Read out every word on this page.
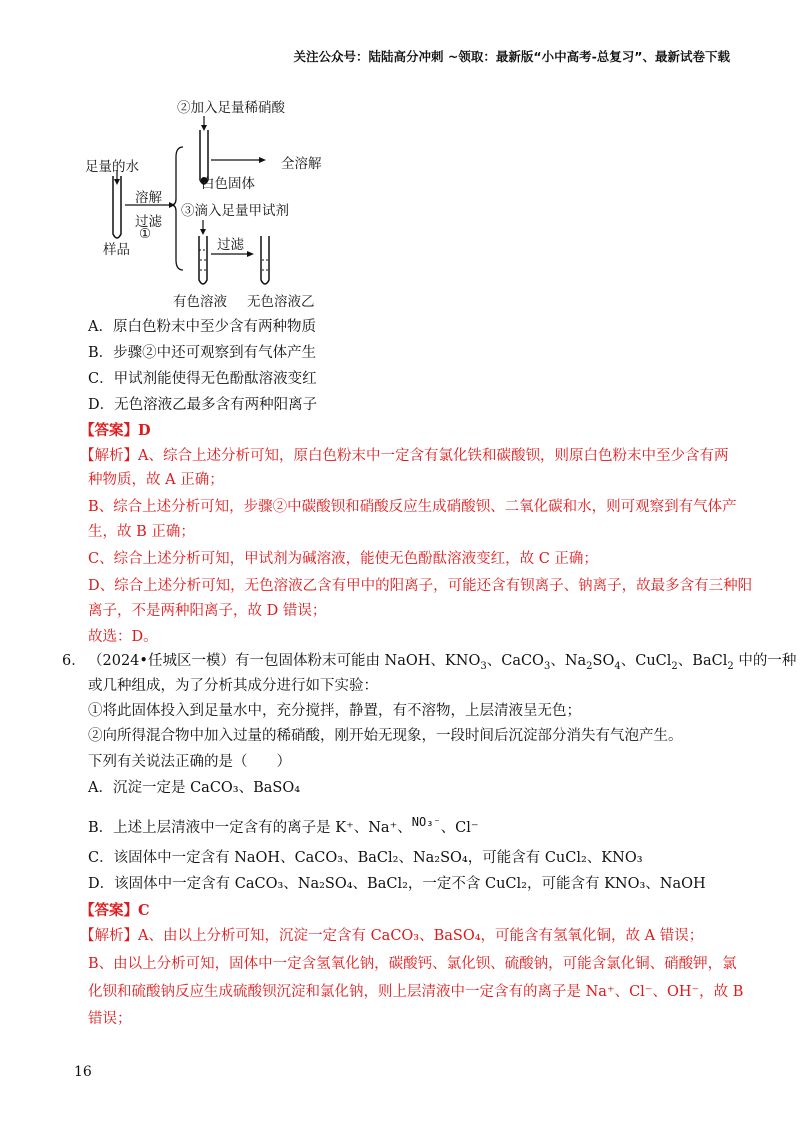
关注公众号：陆陆高分冲刺 ~领取：最新版“小中高考-总复习”、最新试卷下载
②加入足量稀硝酸
足量的水
溶解
过滤
①
样品
全溶解
白色固体
③滴入足量甲试剂
过滤
有色溶液 无色溶液乙
A．原白色粉末中至少含有两种物质
B．步骤②中还可观察到有气体产生
C．甲试剂能使得无色酚酞溶液变红
D．无色溶液乙最多含有两种阳离子
【答案】D
【解析】A、综合上述分析可知，原白色粉末中一定含有氯化铁和碳酸钡，则原白色粉末中至少含有两
种物质，故 A 正确；
B、综合上述分析可知，步骤②中碳酸钡和硝酸反应生成硝酸钡、二氧化碳和水，则可观察到有气体产
生，故 B 正确；
C、综合上述分析可知，甲试剂为碱溶液，能使无色酚酞溶液变红，故 C 正确；
D、综合上述分析可知，无色溶液乙含有甲中的阳离子，可能还含有钡离子、钠离子，故最多含有三种阳
离子，不是两种阳离子，故 D 错误；
故选：D。
6． （2024•任城区一模）有一包固体粉末可能由 NaOH、$KNO_3$、CaCO$_3$、$Na_2SO_4$、CuCl$_2$、BaCl$_2$ 中的一种
或几种组成，为了分析其成分进行如下实验：
①将此固体投入到足量水中，充分搅拌，静置，有不溶物，上层清液呈无色；
②向所得混合物中加入过量的稀硝酸，刚开始无现象，一段时间后沉淀部分消失有气泡产生。
下列有关说法正确的是（　　）
A．沉淀一定是 CaCO₃、BaSO₄
B．上述上层清液中一定含有的离子是 K⁺、Na⁺、$^{NO_3^-}$、Cl⁻
C．该固体中一定含有 NaOH、CaCO₃、BaCl₂、Na₂SO₄，可能含有 CuCl₂、KNO₃
D．该固体中一定含有 CaCO₃、Na₂SO₄、BaCl₂，一定不含 CuCl₂，可能含有 KNO₃、NaOH
【答案】C
【解析】A、由以上分析可知，沉淀一定含有 CaCO₃、BaSO₄，可能含有氢氧化铜，故 A 错误；
B、由以上分析可知，固体中一定含氢氧化钠，碳酸钙、氯化钡、硫酸钠，可能含氯化铜、硝酸钾，氯
化钡和硫酸钠反应生成硫酸钡沉淀和氯化钠，则上层清液中一定含有的离子是 Na⁺、Cl⁻、OH⁻，故 B
错误；
16
